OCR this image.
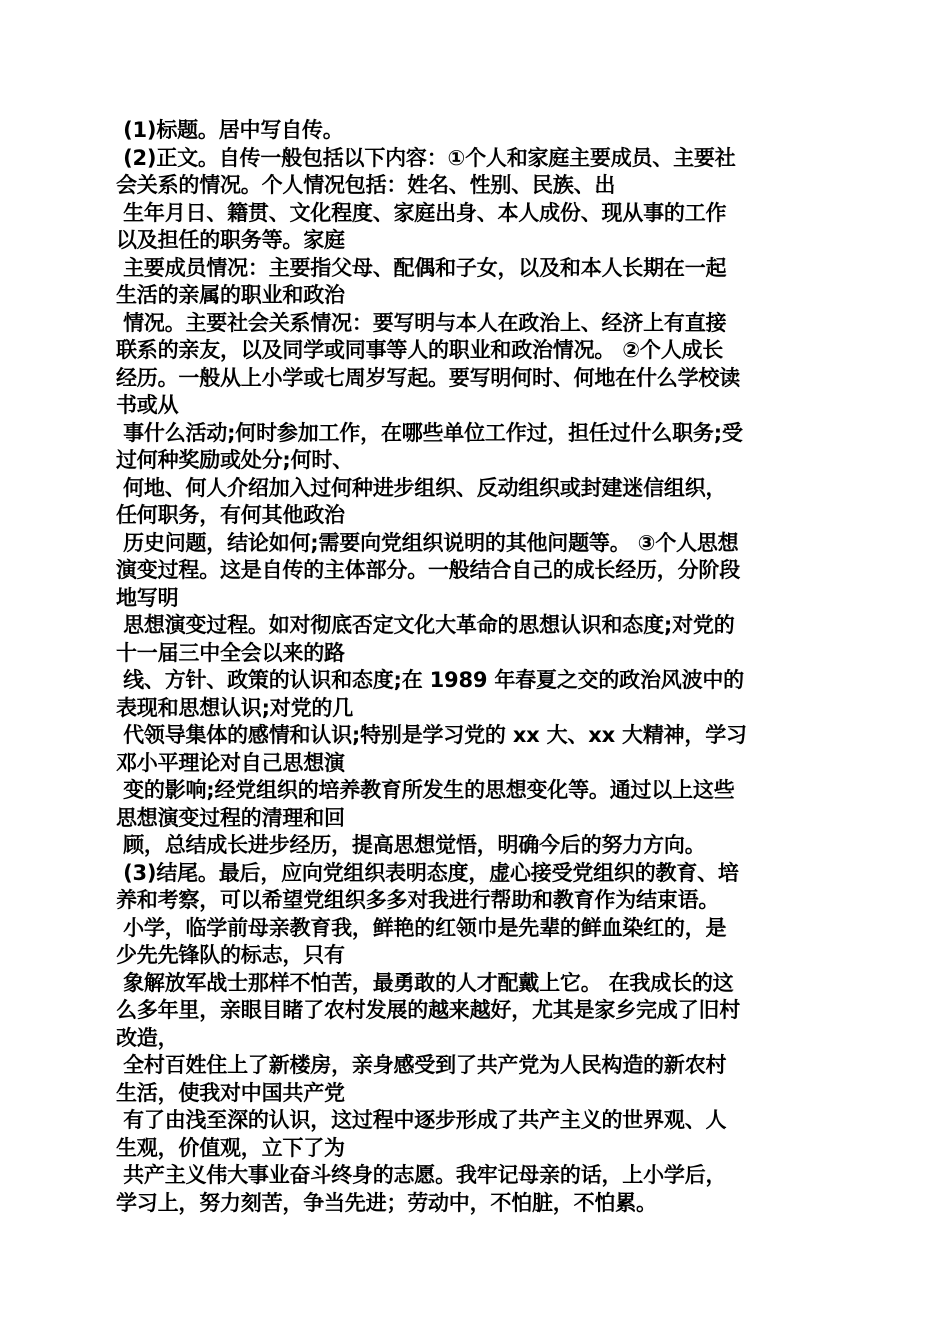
(1)标题。居中写自传。
(2)正文。自传一般包括以下内容：①个人和家庭主要成员、主要社
会关系的情况。个人情况包括：姓名、性别、民族、出
生年月日、籍贯、文化程度、家庭出身、本人成份、现从事的工作
以及担任的职务等。家庭
主要成员情况：主要指父母、配偶和子女，以及和本人长期在一起
生活的亲属的职业和政治
情况。主要社会关系情况：要写明与本人在政治上、经济上有直接
联系的亲友，以及同学或同事等人的职业和政治情况。 ②个人成长
经历。一般从上小学或七周岁写起。要写明何时、何地在什么学校读
书或从
事什么活动;何时参加工作，在哪些单位工作过，担任过什么职务;受
过何种奖励或处分;何时、
何地、何人介绍加入过何种进步组织、反动组织或封建迷信组织，
任何职务，有何其他政治
历史问题，结论如何;需要向党组织说明的其他问题等。 ③个人思想
演变过程。这是自传的主体部分。一般结合自己的成长经历，分阶段
地写明
思想演变过程。如对彻底否定文化大革命的思想认识和态度;对党的
十一届三中全会以来的路
线、方针、政策的认识和态度;在 1989 年春夏之交的政治风波中的
表现和思想认识;对党的几
代领导集体的感情和认识;特别是学习党的 xx 大、xx 大精神，学习
邓小平理论对自己思想演
变的影响;经党组织的培养教育所发生的思想变化等。通过以上这些
思想演变过程的清理和回
顾，总结成长进步经历，提高思想觉悟，明确今后的努力方向。
(3)结尾。最后，应向党组织表明态度，虚心接受党组织的教育、培
养和考察，可以希望党组织多多对我进行帮助和教育作为结束语。
小学，临学前母亲教育我，鲜艳的红领巾是先辈的鲜血染红的，是
少先先锋队的标志，只有
象解放军战士那样不怕苦，最勇敢的人才配戴上它。 在我成长的这
么多年里，亲眼目睹了农村发展的越来越好，尤其是家乡完成了旧村
改造，
全村百姓住上了新楼房，亲身感受到了共产党为人民构造的新农村
生活，使我对中国共产党
有了由浅至深的认识，这过程中逐步形成了共产主义的世界观、人
生观，价值观，立下了为
共产主义伟大事业奋斗终身的志愿。我牢记母亲的话，上小学后，
学习上，努力刻苦，争当先进；劳动中，不怕脏，不怕累。
